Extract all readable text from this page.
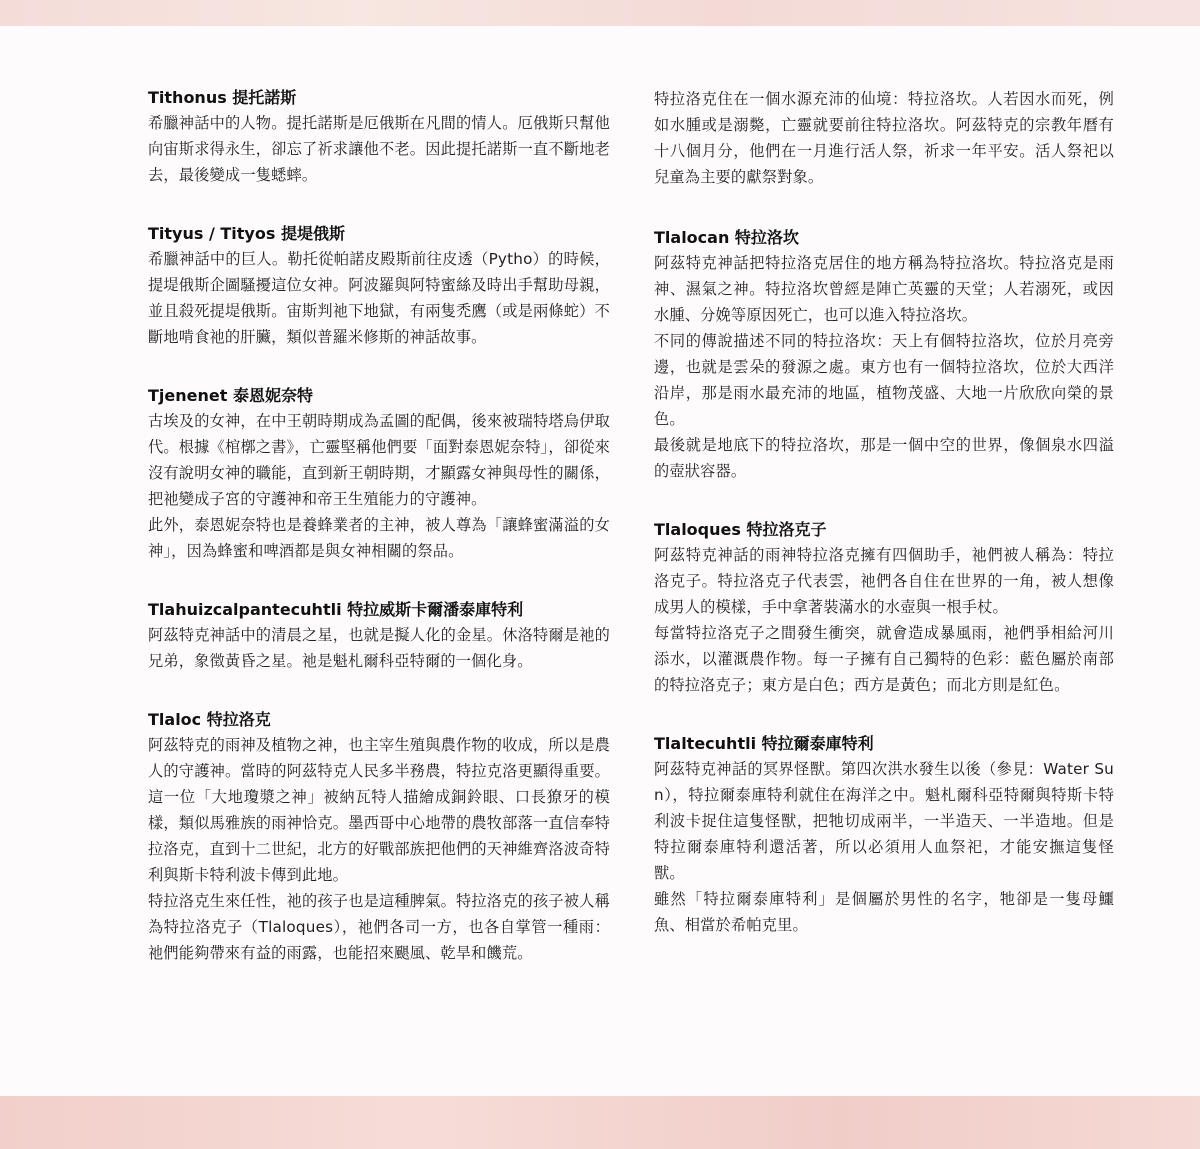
Tithonus 提托諾斯

希臘神話中的人物。提托諾斯是厄俄斯在凡間的情人。厄俄斯只幫他向宙斯求得永生，卻忘了祈求讓他不老。因此提托諾斯一直不斷地老去，最後變成一隻蟋蟀。

Tityus / Tityos 提堤俄斯

希臘神話中的巨人。勒托從帕諾皮殿斯前往皮透（Pytho）的時候，提堤俄斯企圖騷擾這位女神。阿波羅與阿特蜜絲及時出手幫助母親，並且殺死提堤俄斯。宙斯判祂下地獄，有兩隻禿鷹（或是兩條蛇）不斷地啃食祂的肝臟，類似普羅米修斯的神話故事。

Tjenenet 泰恩妮奈特

古埃及的女神，在中王朝時期成為孟圖的配偶，後來被瑞特塔烏伊取代。根據《棺槨之書》，亡靈堅稱他們要「面對泰恩妮奈特」，卻從來沒有說明女神的職能，直到新王朝時期，才顯露女神與母性的關係，把祂變成子宮的守護神和帝王生殖能力的守護神。

此外，泰恩妮奈特也是養蜂業者的主神，被人尊為「讓蜂蜜滿溢的女神」，因為蜂蜜和啤酒都是與女神相關的祭品。

Tlahuizcalpantecuhtli 特拉威斯卡爾潘泰庫特利

阿茲特克神話中的清晨之星，也就是擬人化的金星。休洛特爾是祂的兄弟，象徵黃昏之星。祂是魁札爾科亞特爾的一個化身。

Tlaloc 特拉洛克

阿茲特克的雨神及植物之神，也主宰生殖與農作物的收成，所以是農人的守護神。當時的阿茲特克人民多半務農，特拉克洛更顯得重要。這一位「大地瓊漿之神」被納瓦特人描繪成銅鈴眼、口長獠牙的模樣，類似馬雅族的雨神恰克。墨西哥中心地帶的農牧部落一直信奉特拉洛克，直到十二世紀，北方的好戰部族把他們的天神維齊洛波奇特利與斯卡特利波卡傳到此地。

特拉洛克生來任性，祂的孩子也是這種脾氣。特拉洛克的孩子被人稱為特拉洛克子（Tlaloques），祂們各司一方，也各自掌管一種雨：祂們能夠帶來有益的雨露，也能招來颶風、乾旱和饑荒。

特拉洛克住在一個水源充沛的仙境：特拉洛坎。人若因水而死，例如水腫或是溺斃，亡靈就要前往特拉洛坎。阿茲特克的宗教年曆有十八個月分，他們在一月進行活人祭，祈求一年平安。活人祭祀以兒童為主要的獻祭對象。

Tlalocan 特拉洛坎

阿茲特克神話把特拉洛克居住的地方稱為特拉洛坎。特拉洛克是雨神、濕氣之神。特拉洛坎曾經是陣亡英靈的天堂；人若溺死，或因水腫、分娩等原因死亡，也可以進入特拉洛坎。

不同的傳說描述不同的特拉洛坎：天上有個特拉洛坎，位於月亮旁邊，也就是雲朵的發源之處。東方也有一個特拉洛坎，位於大西洋沿岸，那是雨水最充沛的地區，植物茂盛、大地一片欣欣向榮的景色。

最後就是地底下的特拉洛坎，那是一個中空的世界，像個泉水四溢的壺狀容器。

Tlaloques 特拉洛克子

阿茲特克神話的雨神特拉洛克擁有四個助手，祂們被人稱為：特拉洛克子。特拉洛克子代表雲，祂們各自住在世界的一角，被人想像成男人的模樣，手中拿著裝滿水的水壺與一根手杖。

每當特拉洛克子之間發生衝突，就會造成暴風雨，祂們爭相給河川添水，以灌溉農作物。每一子擁有自己獨特的色彩：藍色屬於南部的特拉洛克子；東方是白色；西方是黃色；而北方則是紅色。

Tlaltecuhtli 特拉爾泰庫特利

阿茲特克神話的冥界怪獸。第四次洪水發生以後（參見：Water Sun），特拉爾泰庫特利就住在海洋之中。魁札爾科亞特爾與特斯卡特利波卡捉住這隻怪獸，把牠切成兩半，一半造天、一半造地。但是特拉爾泰庫特利還活著，所以必須用人血祭祀，才能安撫這隻怪獸。

雖然「特拉爾泰庫特利」是個屬於男性的名字，牠卻是一隻母鱷魚、相當於希帕克里。
